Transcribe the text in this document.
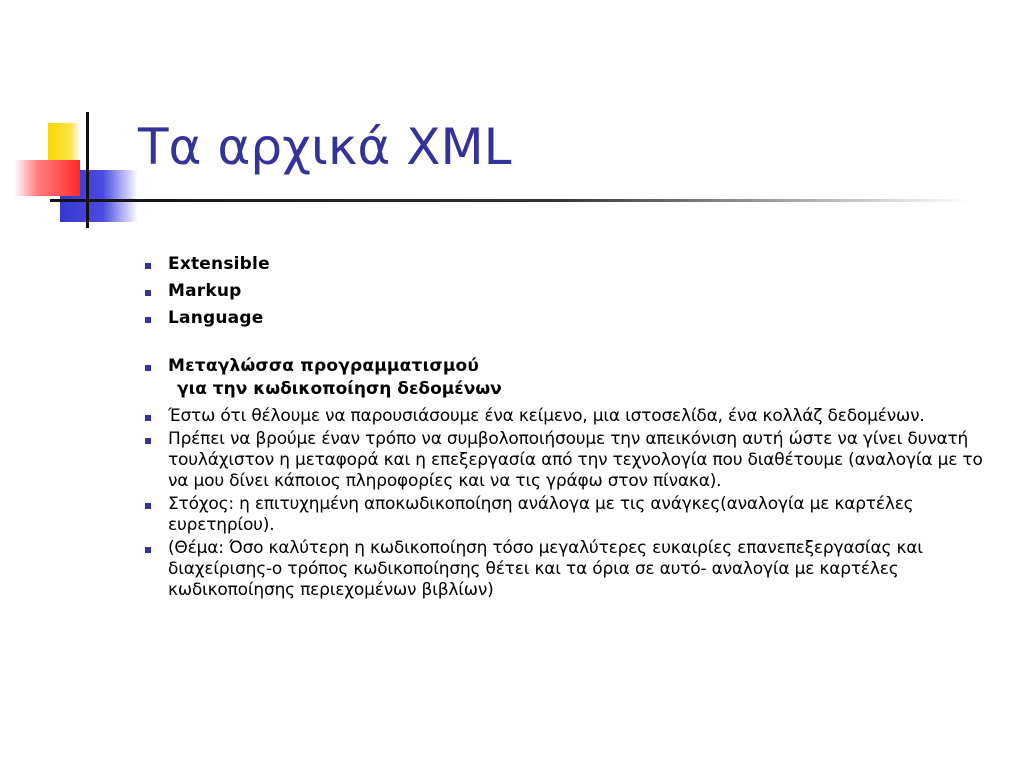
Τα αρχικά XML
Extensible
Markup
Language
Μεταγλώσσα προγραμματισμού
για την κωδικοποίηση δεδομένων
Έστω ότι θέλουμε να παρουσιάσουμε ένα κείμενο, μια ιστοσελίδα, ένα κολλάζ δεδομένων.
Πρέπει να βρούμε έναν τρόπο να συμβολοποιήσουμε την απεικόνιση αυτή ώστε να γίνει δυνατή τουλάχιστον η μεταφορά και η επεξεργασία από την τεχνολογία που διαθέτουμε (αναλογία με το να μου δίνει κάποιος πληροφορίες και να τις γράφω στον πίνακα).
Στόχος: η επιτυχημένη αποκωδικοποίηση ανάλογα με τις ανάγκες(αναλογία με καρτέλες ευρετηρίου).
(Θέμα: Όσο καλύτερη η κωδικοποίηση τόσο μεγαλύτερες ευκαιρίες επανεπεξεργασίας και διαχείρισης-ο τρόπος κωδικοποίησης θέτει και τα όρια σε αυτό- αναλογία με καρτέλες κωδικοποίησης περιεχομένων βιβλίων)
